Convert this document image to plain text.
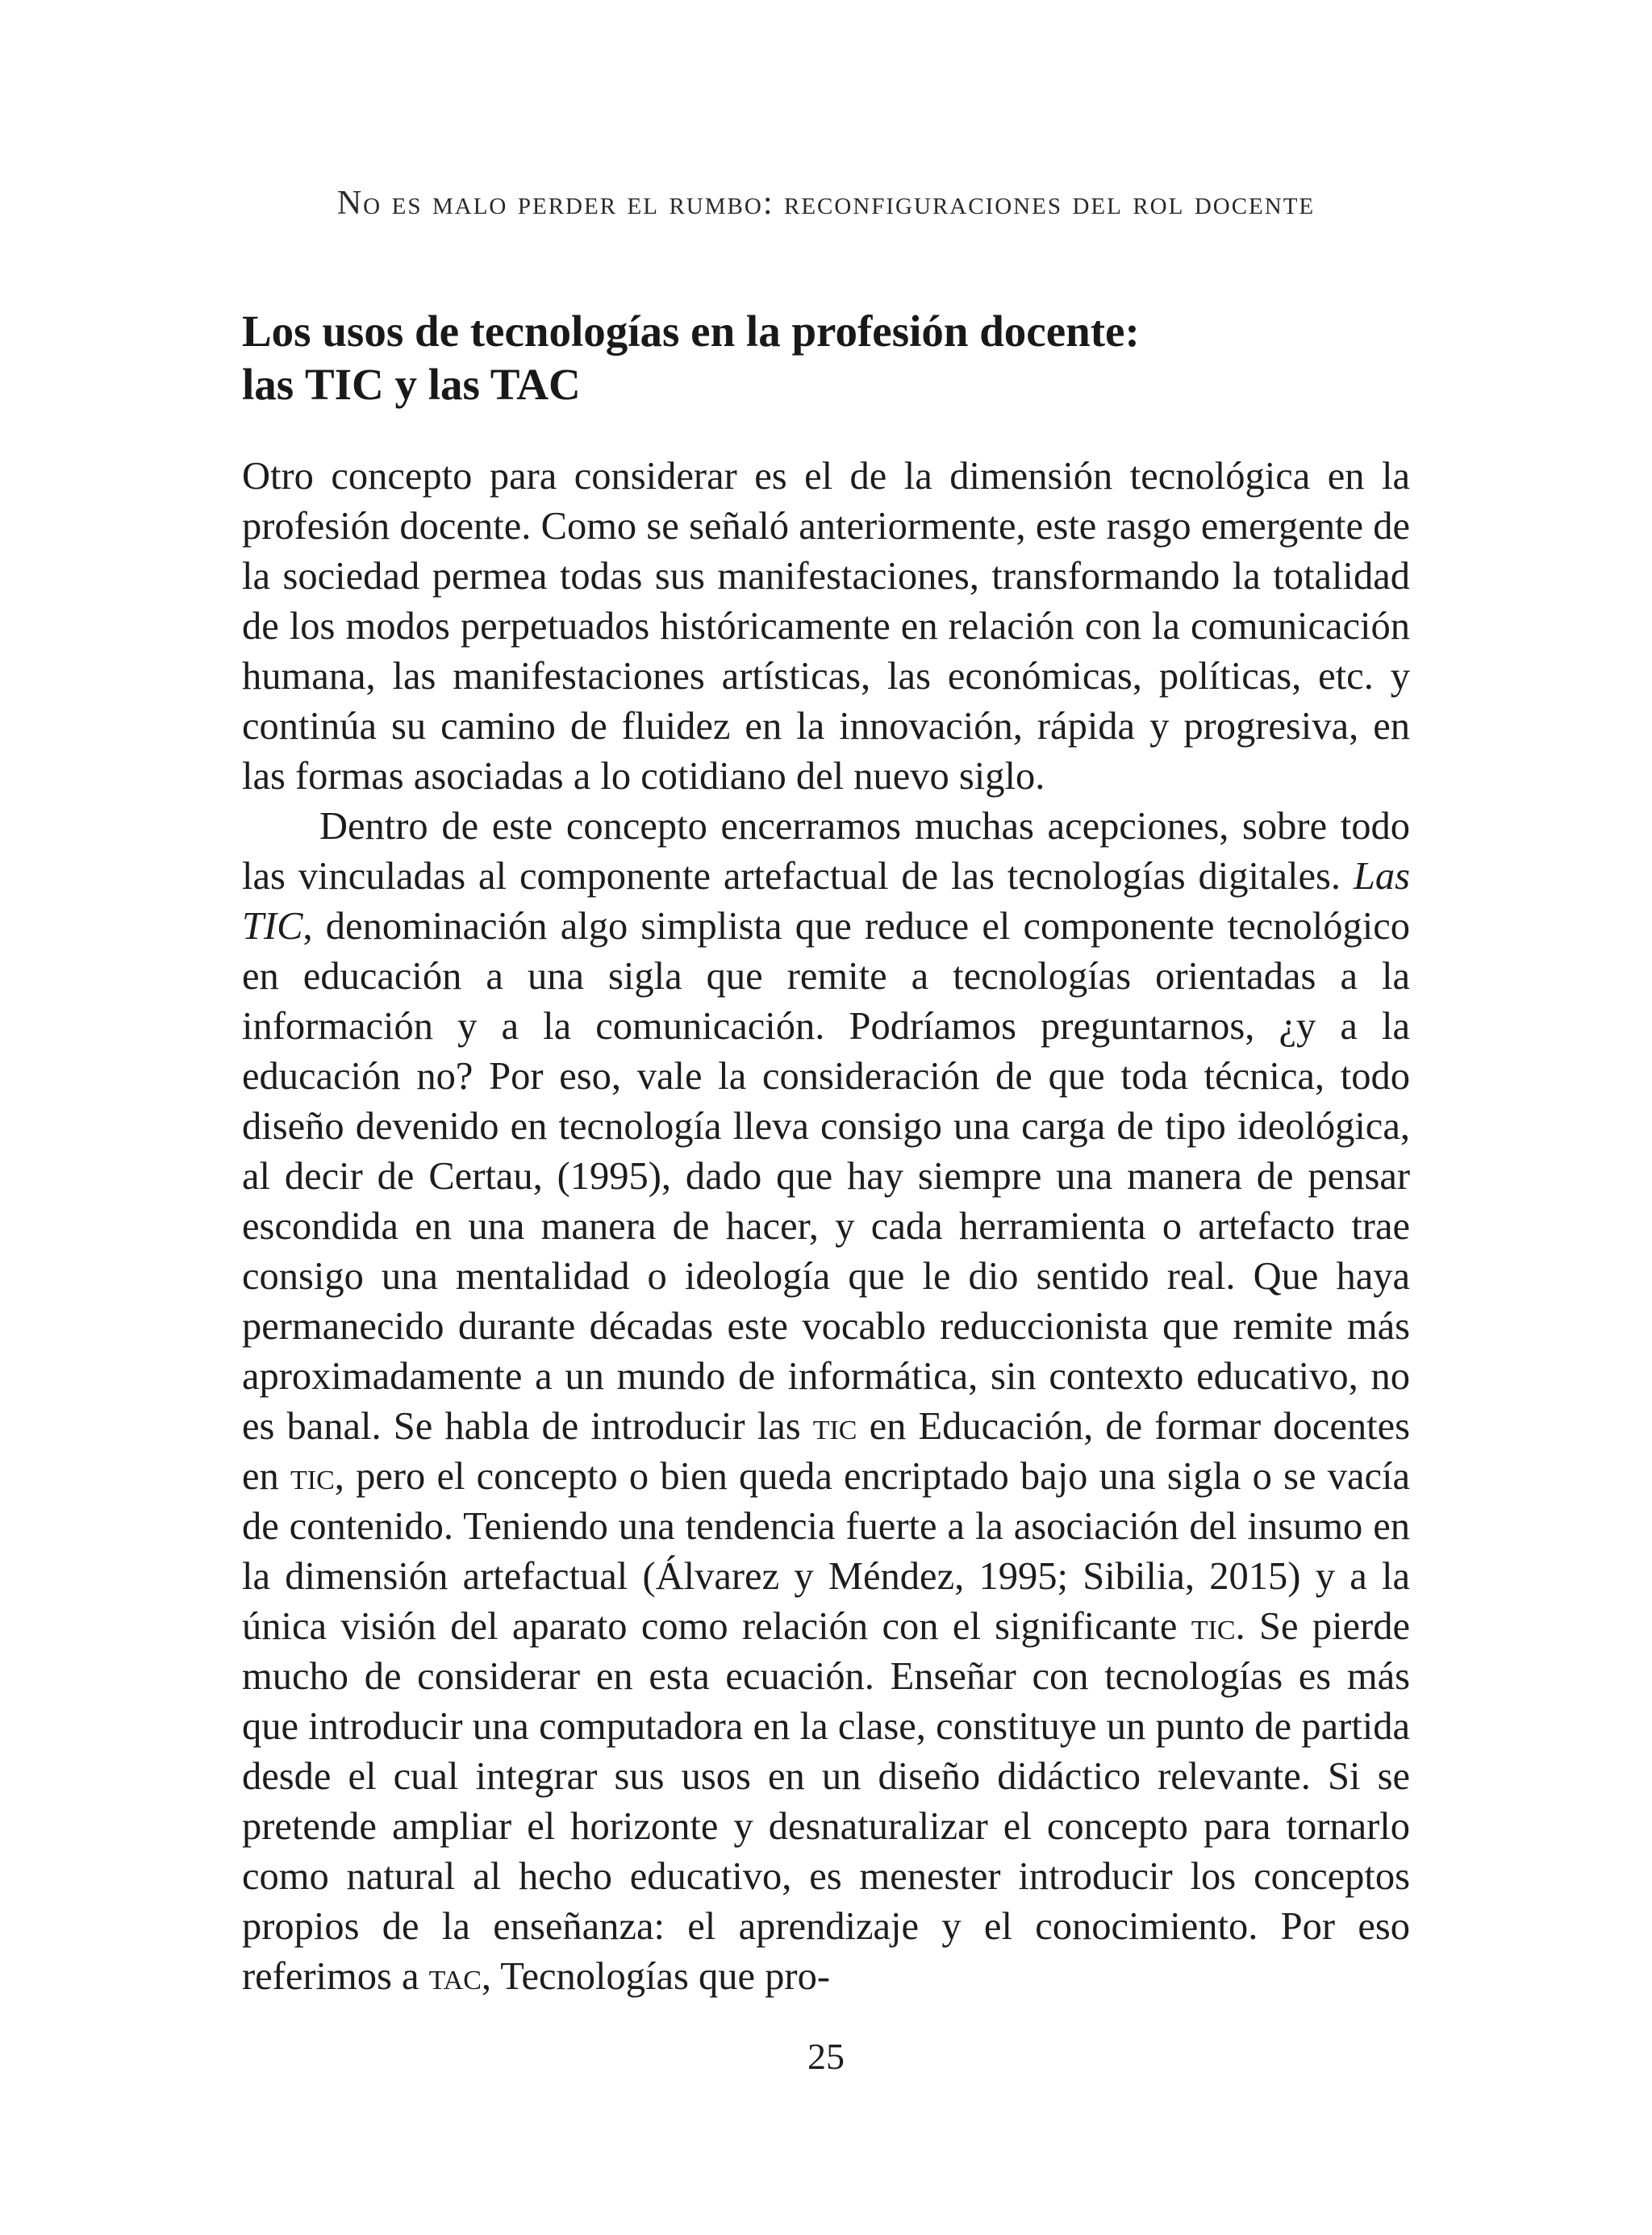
No es malo perder el rumbo: reconfiguraciones del rol docente
Los usos de tecnologías en la profesión docente:
las TIC y las TAC

Otro concepto para considerar es el de la dimensión tecnológica en la profesión docente. Como se señaló anteriormente, este rasgo emergente de la sociedad permea todas sus manifestaciones, transformando la totalidad de los modos perpetuados históricamente en relación con la comunicación humana, las manifestaciones artísticas, las económicas, políticas, etc. y continúa su camino de fluidez en la innovación, rápida y progresiva, en las formas asociadas a lo cotidiano del nuevo siglo.

Dentro de este concepto encerramos muchas acepciones, sobre todo las vinculadas al componente artefactual de las tecnologías digitales. Las TIC, denominación algo simplista que reduce el componente tecnológico en educación a una sigla que remite a tecnologías orientadas a la información y a la comunicación. Podríamos preguntarnos, ¿y a la educación no? Por eso, vale la consideración de que toda técnica, todo diseño devenido en tecnología lleva consigo una carga de tipo ideológica, al decir de Certau, (1995), dado que hay siempre una manera de pensar escondida en una manera de hacer, y cada herramienta o artefacto trae consigo una mentalidad o ideología que le dio sentido real. Que haya permanecido durante décadas este vocablo reduccionista que remite más aproximadamente a un mundo de informática, sin contexto educativo, no es banal. Se habla de introducir las tic en Educación, de formar docentes en tic, pero el concepto o bien queda encriptado bajo una sigla o se vacía de contenido. Teniendo una tendencia fuerte a la asociación del insumo en la dimensión artefactual (Álvarez y Méndez, 1995; Sibilia, 2015) y a la única visión del aparato como relación con el significante tic. Se pierde mucho de considerar en esta ecuación. Enseñar con tecnologías es más que introducir una computadora en la clase, constituye un punto de partida desde el cual integrar sus usos en un diseño didáctico relevante. Si se pretende ampliar el horizonte y desnaturalizar el concepto para tornarlo como natural al hecho educativo, es menester introducir los conceptos propios de la enseñanza: el aprendizaje y el conocimiento. Por eso referimos a tac, Tecnologías que pro-

25
